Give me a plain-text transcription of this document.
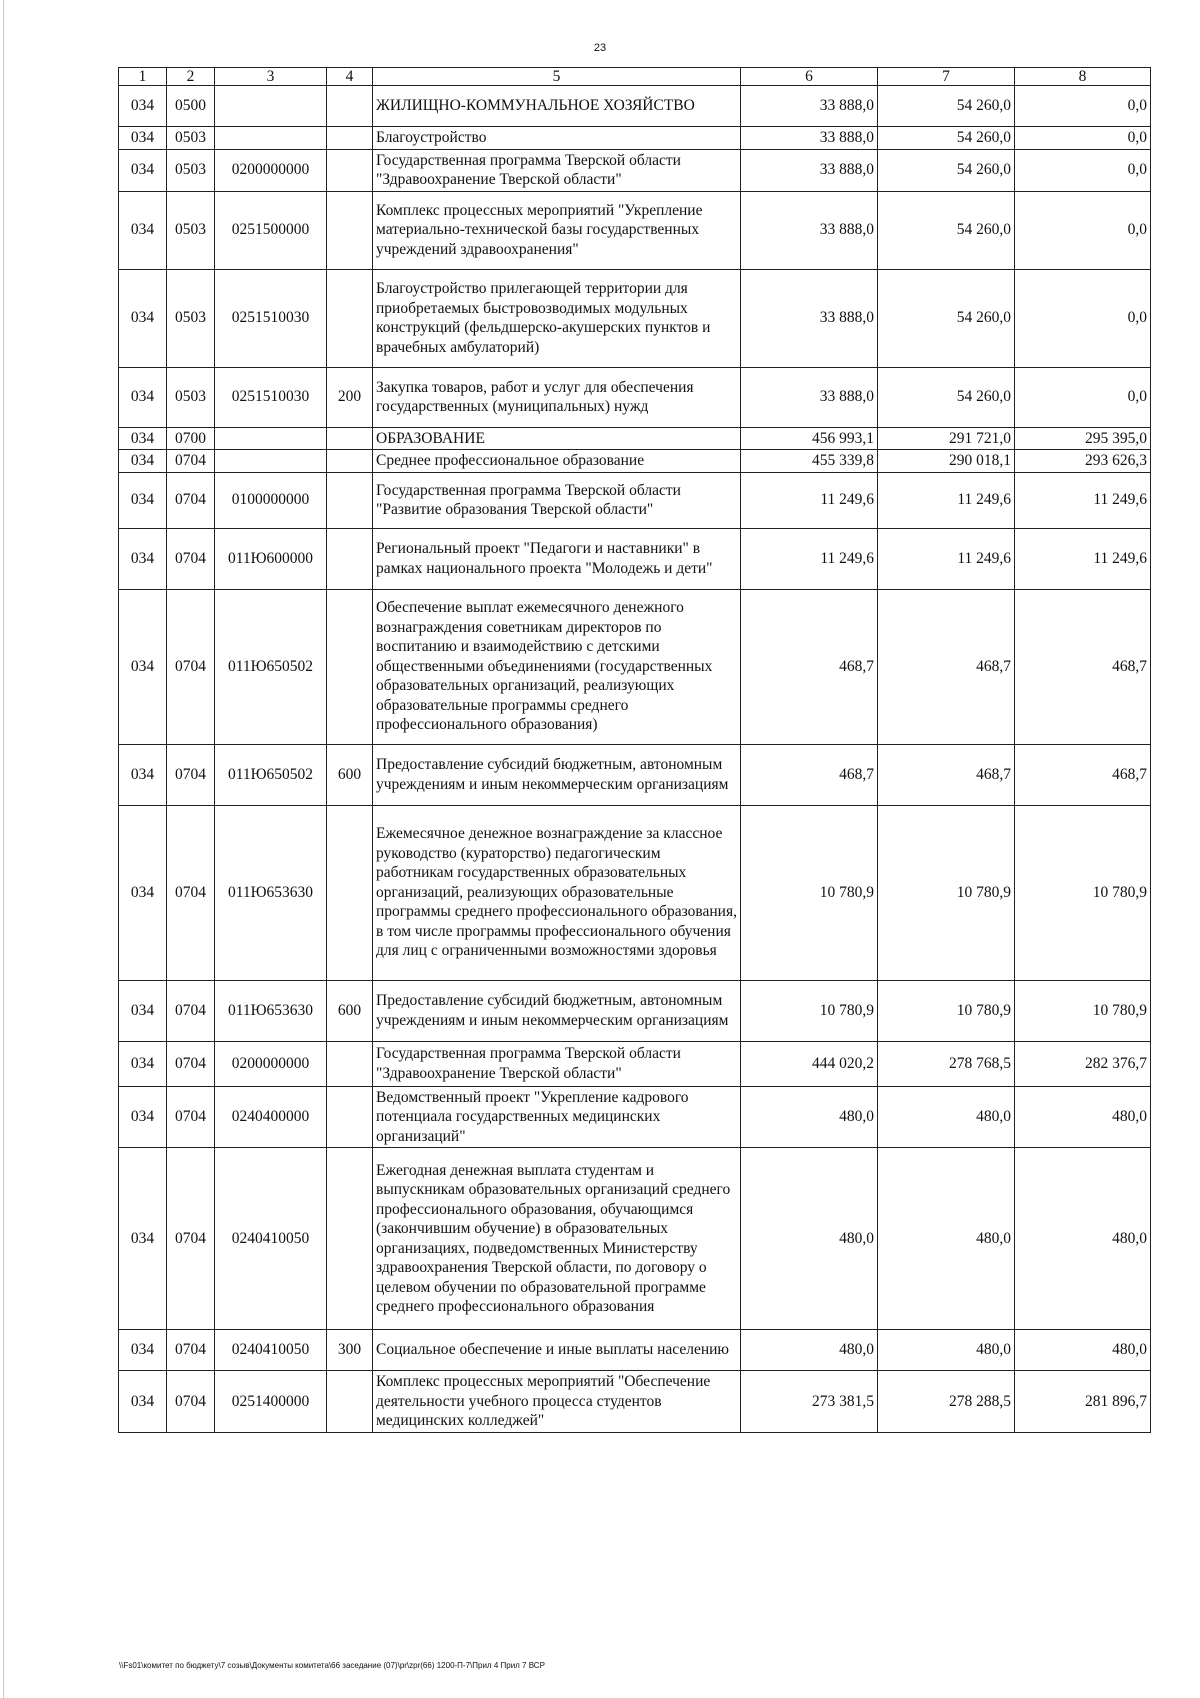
23
1	2	3	4	5	6	7	8
034	0500			ЖИЛИЩНО-КОММУНАЛЬНОЕ ХОЗЯЙСТВО	33 888,0	54 260,0	0,0
034	0503			Благоустройство	33 888,0	54 260,0	0,0
034	0503	0200000000		Государственная программа Тверской области "Здравоохранение Тверской области"	33 888,0	54 260,0	0,0
034	0503	0251500000		Комплекс процессных мероприятий "Укрепление материально-технической базы государственных учреждений здравоохранения"	33 888,0	54 260,0	0,0
034	0503	0251510030		Благоустройство прилегающей территории для приобретаемых быстровозводимых модульных конструкций (фельдшерско-акушерских пунктов и врачебных амбулаторий)	33 888,0	54 260,0	0,0
034	0503	0251510030	200	Закупка товаров, работ и услуг для обеспечения государственных (муниципальных) нужд	33 888,0	54 260,0	0,0
034	0700			ОБРАЗОВАНИЕ	456 993,1	291 721,0	295 395,0
034	0704			Среднее профессиональное образование	455 339,8	290 018,1	293 626,3
034	0704	0100000000		Государственная программа Тверской области "Развитие образования Тверской области"	11 249,6	11 249,6	11 249,6
034	0704	011Ю600000		Региональный проект "Педагоги и наставники" в рамках национального проекта "Молодежь и дети"	11 249,6	11 249,6	11 249,6
034	0704	011Ю650502		Обеспечение выплат ежемесячного денежного вознаграждения советникам директоров по воспитанию и взаимодействию с детскими общественными объединениями (государственных образовательных организаций, реализующих образовательные программы среднего профессионального образования)	468,7	468,7	468,7
034	0704	011Ю650502	600	Предоставление субсидий бюджетным, автономным учреждениям и иным некоммерческим организациям	468,7	468,7	468,7
034	0704	011Ю653630		Ежемесячное денежное вознаграждение за классное руководство (кураторство) педагогическим работникам государственных образовательных организаций, реализующих образовательные программы среднего профессионального образования, в том числе программы профессионального обучения для лиц с ограниченными возможностями здоровья	10 780,9	10 780,9	10 780,9
034	0704	011Ю653630	600	Предоставление субсидий бюджетным, автономным учреждениям и иным некоммерческим организациям	10 780,9	10 780,9	10 780,9
034	0704	0200000000		Государственная программа Тверской области "Здравоохранение Тверской области"	444 020,2	278 768,5	282 376,7
034	0704	0240400000		Ведомственный проект "Укрепление кадрового потенциала государственных медицинских организаций"	480,0	480,0	480,0
034	0704	0240410050		Ежегодная денежная выплата студентам и выпускникам образовательных организаций среднего профессионального образования, обучающимся (закончившим обучение) в образовательных организациях, подведомственных Министерству здравоохранения Тверской области, по договору о целевом обучении по образовательной программе среднего профессионального образования	480,0	480,0	480,0
034	0704	0240410050	300	Социальное обеспечение и иные выплаты населению	480,0	480,0	480,0
034	0704	0251400000		Комплекс процессных мероприятий "Обеспечение деятельности учебного процесса студентов медицинских колледжей"	273 381,5	278 288,5	281 896,7
\\Fs01\комитет по бюджету\7 созыв\Документы комитета\66 заседание (07)\pr\zpr(66) 1200-П-7\Прил 4 Прил 7 ВСР
